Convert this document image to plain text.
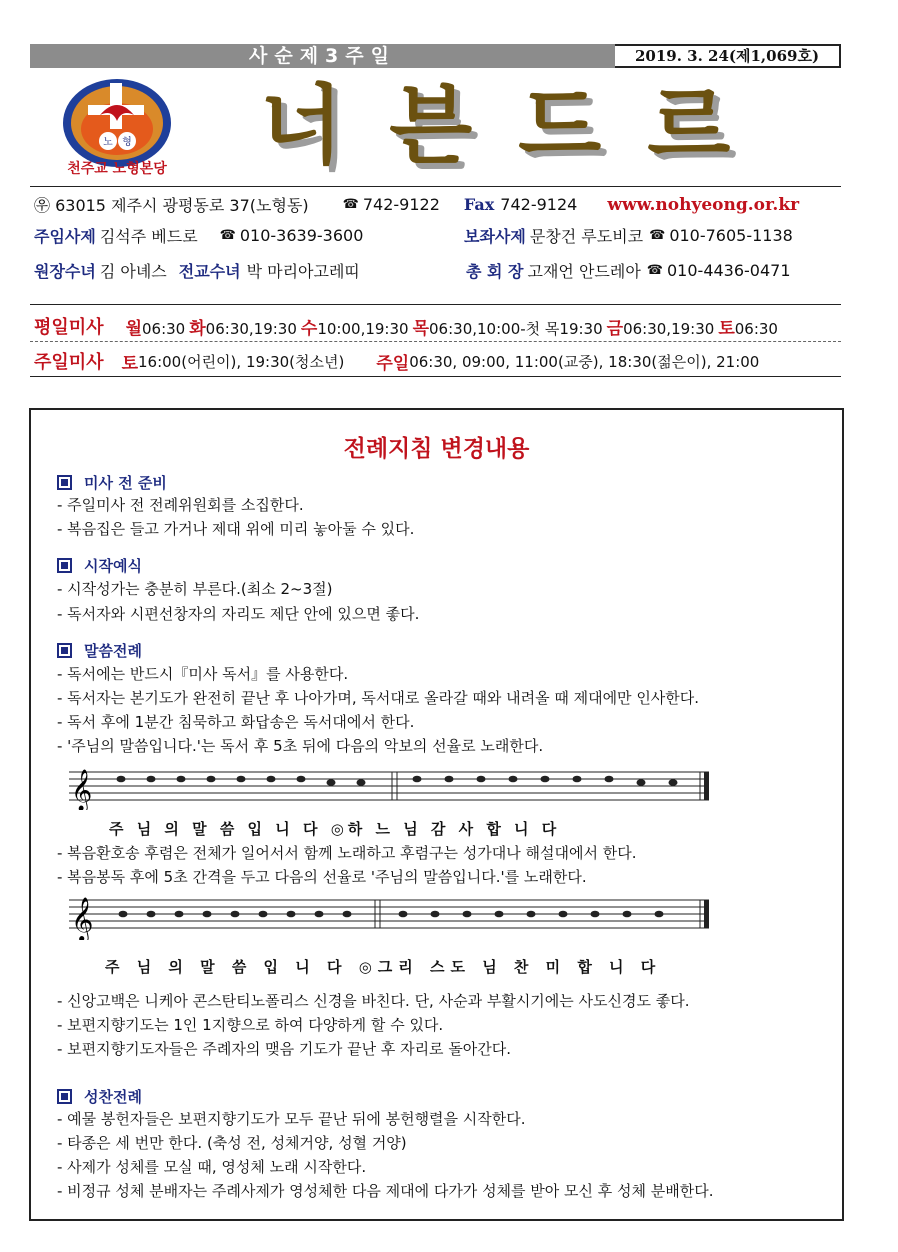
사순제3주일	2019. 3. 24(제1,069호)
노 형
천주교 노형본당 너븐드르
㉾ 63015 제주시 광평동로 37(노형동)	☎ 742-9122 Fax 742-9124 www.nohyeong.or.kr
주임사제 김석주 베드로 ☎ 010-3639-3600	보좌사제 문창건 루도비코 ☎ 010-7605-1138
원장수녀 김 아녜스 전교수녀 박 마리아고레띠	총 회 장 고재언 안드레아 ☎ 010-4436-0471
평일미사 월06:30 화06:30,19:30 수10:00,19:30 목06:30,10:00-첫 목19:30 금06:30,19:30 토06:30
주일미사 토 16:00(어린이), 19:30(청소년) 주일 06:30, 09:00, 11:00(교중), 18:30(젊은이), 21:00
전례지침 변경내용
미사 전 준비
- 주일미사 전 전례위원회를 소집한다.
- 복음집은 들고 가거나 제대 위에 미리 놓아둘 수 있다.
시작예식
- 시작성가는 충분히 부른다.(최소 2~3절)
- 독서자와 시편선창자의 자리도 제단 안에 있으면 좋다.
말씀전례
- 독서에는 반드시『미사 독서』를 사용한다.
- 독서자는 본기도가 완전히 끝난 후 나아가며, 독서대로 올라갈 때와 내려올 때 제대에만 인사한다.
- 독서 후에 1분간 침묵하고 화답송은 독서대에서 한다.
- '주님의 말씀입니다.'는 독서 후 5초 뒤에 다음의 악보의 선율로 노래한다.
𝄞
주 님 의 말 씀 입 니 다 ◎하 느 님 감 사 합 니 다
- 복음환호송 후렴은 전체가 일어서서 함께 노래하고 후렴구는 성가대나 해설대에서 한다.
- 복음봉독 후에 5초 간격을 두고 다음의 선율로 '주님의 말씀입니다.'를 노래한다.
𝄞
주 님 의 말 씀 입 니 다 ◎그리 스도 님 찬 미 합 니 다
- 신앙고백은 니케아 콘스탄티노폴리스 신경을 바친다. 단, 사순과 부활시기에는 사도신경도 좋다.
- 보편지향기도는 1인 1지향으로 하여 다양하게 할 수 있다.
- 보편지향기도자들은 주례자의 맺음 기도가 끝난 후 자리로 돌아간다.
성찬전례
- 예물 봉헌자들은 보편지향기도가 모두 끝난 뒤에 봉헌행렬을 시작한다.
- 타종은 세 번만 한다. (축성 전, 성체거양, 성혈 거양)
- 사제가 성체를 모실 때, 영성체 노래 시작한다.
- 비정규 성체 분배자는 주례사제가 영성체한 다음 제대에 다가가 성체를 받아 모신 후 성체 분배한다.
